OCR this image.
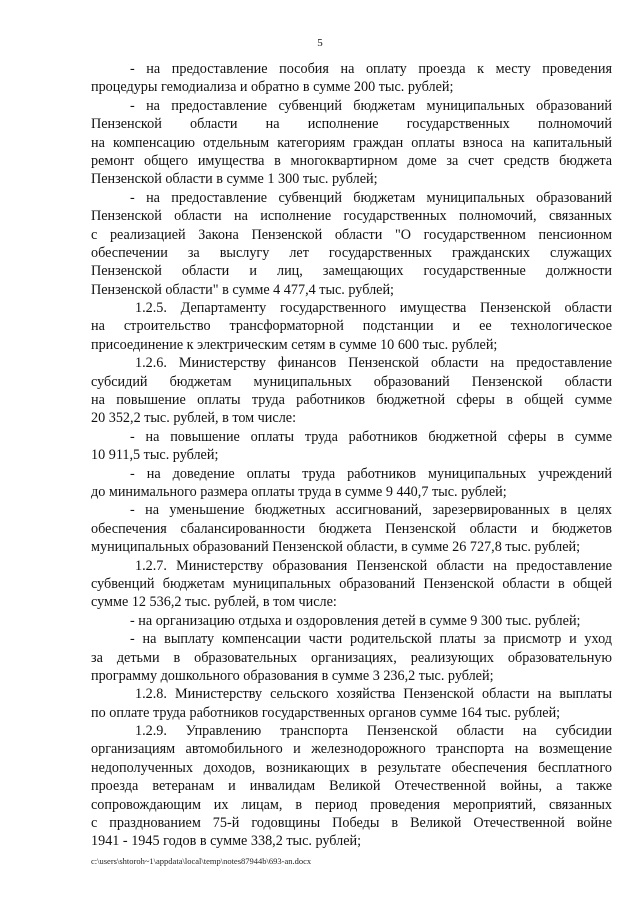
5
- на предоставление пособия на оплату проезда к месту проведения
процедуры гемодиализа и обратно в сумме 200 тыс. рублей;
- на предоставление субвенций бюджетам муниципальных образований
Пензенской области на исполнение государственных полномочий
на компенсацию отдельным категориям граждан оплаты взноса на капитальный
ремонт общего имущества в многоквартирном доме за счет средств бюджета
Пензенской области в сумме 1 300 тыс. рублей;
- на предоставление субвенций бюджетам муниципальных образований
Пензенской области на исполнение государственных полномочий, связанных
с реализацией Закона Пензенской области "О государственном пенсионном
обеспечении за выслугу лет государственных гражданских служащих
Пензенской области и лиц, замещающих государственные должности
Пензенской области" в сумме 4 477,4 тыс. рублей;
1.2.5. Департаменту государственного имущества Пензенской области
на строительство трансформаторной подстанции и ее технологическое
присоединение к электрическим сетям в сумме 10 600 тыс. рублей;
1.2.6. Министерству финансов Пензенской области на предоставление
субсидий бюджетам муниципальных образований Пензенской области
на повышение оплаты труда работников бюджетной сферы в общей сумме
20 352,2 тыс. рублей, в том числе:
- на повышение оплаты труда работников бюджетной сферы в сумме
10 911,5 тыс. рублей;
- на доведение оплаты труда работников муниципальных учреждений
до минимального размера оплаты труда в сумме 9 440,7 тыс. рублей;
- на уменьшение бюджетных ассигнований, зарезервированных в целях
обеспечения сбалансированности бюджета Пензенской области и бюджетов
муниципальных образований Пензенской области, в сумме 26 727,8 тыс. рублей;
1.2.7. Министерству образования Пензенской области на предоставление
субвенций бюджетам муниципальных образований Пензенской области в общей
сумме 12 536,2 тыс. рублей, в том числе:
- на организацию отдыха и оздоровления детей в сумме 9 300 тыс. рублей;
- на выплату компенсации части родительской платы за присмотр и уход
за детьми в образовательных организациях, реализующих образовательную
программу дошкольного образования в сумме 3 236,2 тыс. рублей;
1.2.8. Министерству сельского хозяйства Пензенской области на выплаты
по оплате труда работников государственных органов сумме 164 тыс. рублей;
1.2.9. Управлению транспорта Пензенской области на субсидии
организациям автомобильного и железнодорожного транспорта на возмещение
недополученных доходов, возникающих в результате обеспечения бесплатного
проезда ветеранам и инвалидам Великой Отечественной войны, а также
сопровождающим их лицам, в период проведения мероприятий, связанных
с празднованием 75-й годовщины Победы в Великой Отечественной войне
1941 - 1945 годов в сумме 338,2 тыс. рублей;
c:\users\shtoroh~1\appdata\local\temp\notes87944b\693-an.docx
